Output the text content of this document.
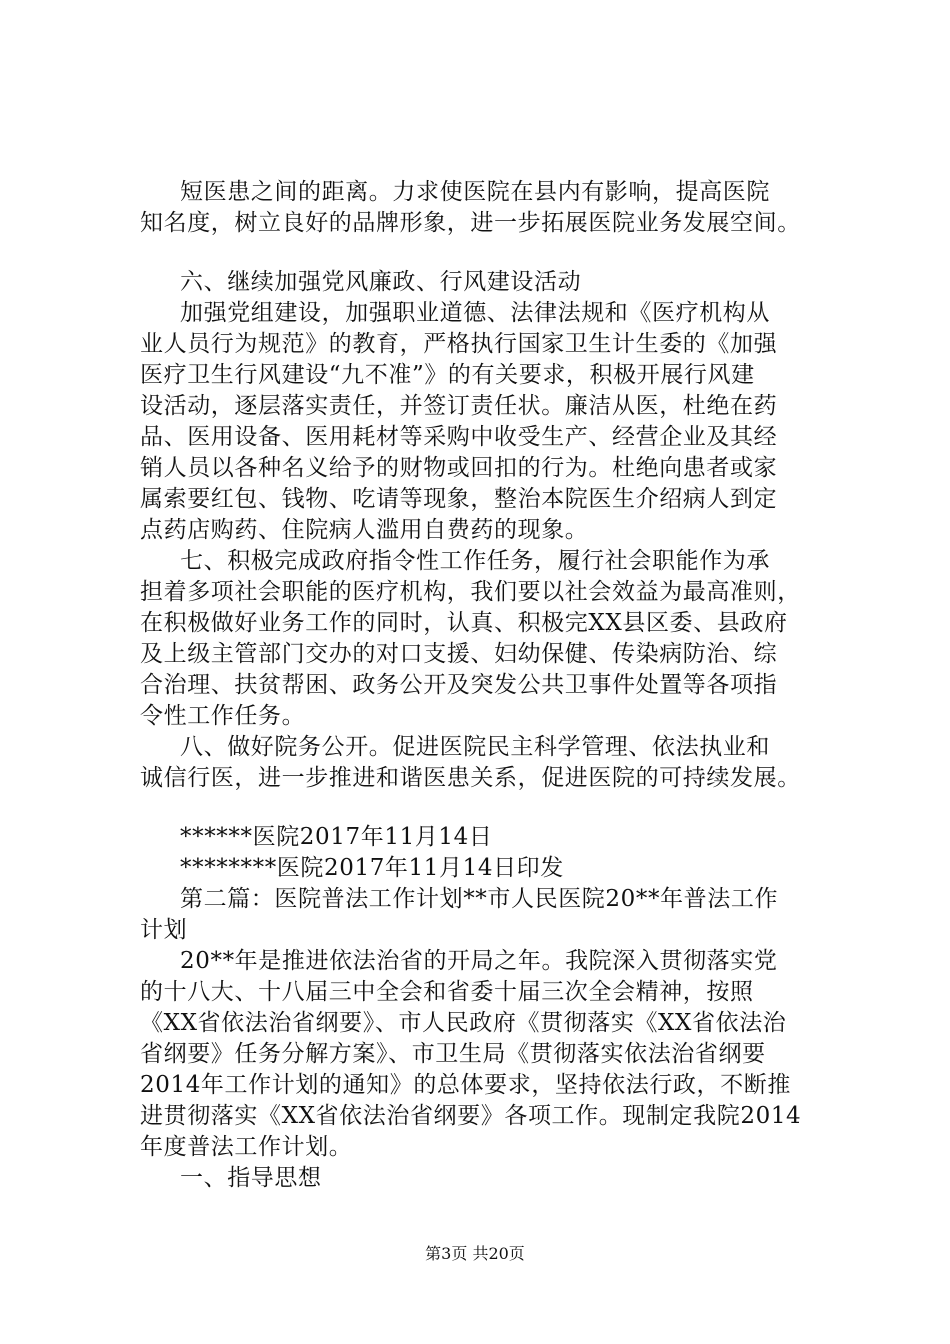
短医患之间的距离。力求使医院在县内有影响，提高医院
知名度，树立良好的品牌形象，进一步拓展医院业务发展空间。
六、继续加强党风廉政、行风建设活动
加强党组建设，加强职业道德、法律法规和《医疗机构从
业人员行为规范》的教育，严格执行国家卫生计生委的《加强
医疗卫生行风建设“九不准”》的有关要求，积极开展行风建
设活动，逐层落实责任，并签订责任状。廉洁从医，杜绝在药
品、医用设备、医用耗材等采购中收受生产、经营企业及其经
销人员以各种名义给予的财物或回扣的行为。杜绝向患者或家
属索要红包、钱物、吃请等现象，整治本院医生介绍病人到定
点药店购药、住院病人滥用自费药的现象。
七、积极完成政府指令性工作任务，履行社会职能作为承
担着多项社会职能的医疗机构，我们要以社会效益为最高准则，
在积极做好业务工作的同时，认真、积极完XX县区委、县政府
及上级主管部门交办的对口支援、妇幼保健、传染病防治、综
合治理、扶贫帮困、政务公开及突发公共卫事件处置等各项指
令性工作任务。
八、做好院务公开。促进医院民主科学管理、依法执业和
诚信行医，进一步推进和谐医患关系，促进医院的可持续发展。
******医院2017年11月14日
********医院2017年11月14日印发
第二篇：医院普法工作计划**市人民医院20**年普法工作
计划
20**年是推进依法治省的开局之年。我院深入贯彻落实党
的十八大、十八届三中全会和省委十届三次全会精神，按照
《XX省依法治省纲要》、市人民政府《贯彻落实《XX省依法治
省纲要》任务分解方案》、市卫生局《贯彻落实依法治省纲要
2014年工作计划的通知》的总体要求，坚持依法行政，不断推
进贯彻落实《XX省依法治省纲要》各项工作。现制定我院2014
年度普法工作计划。
一、指导思想
第3页 共20页
